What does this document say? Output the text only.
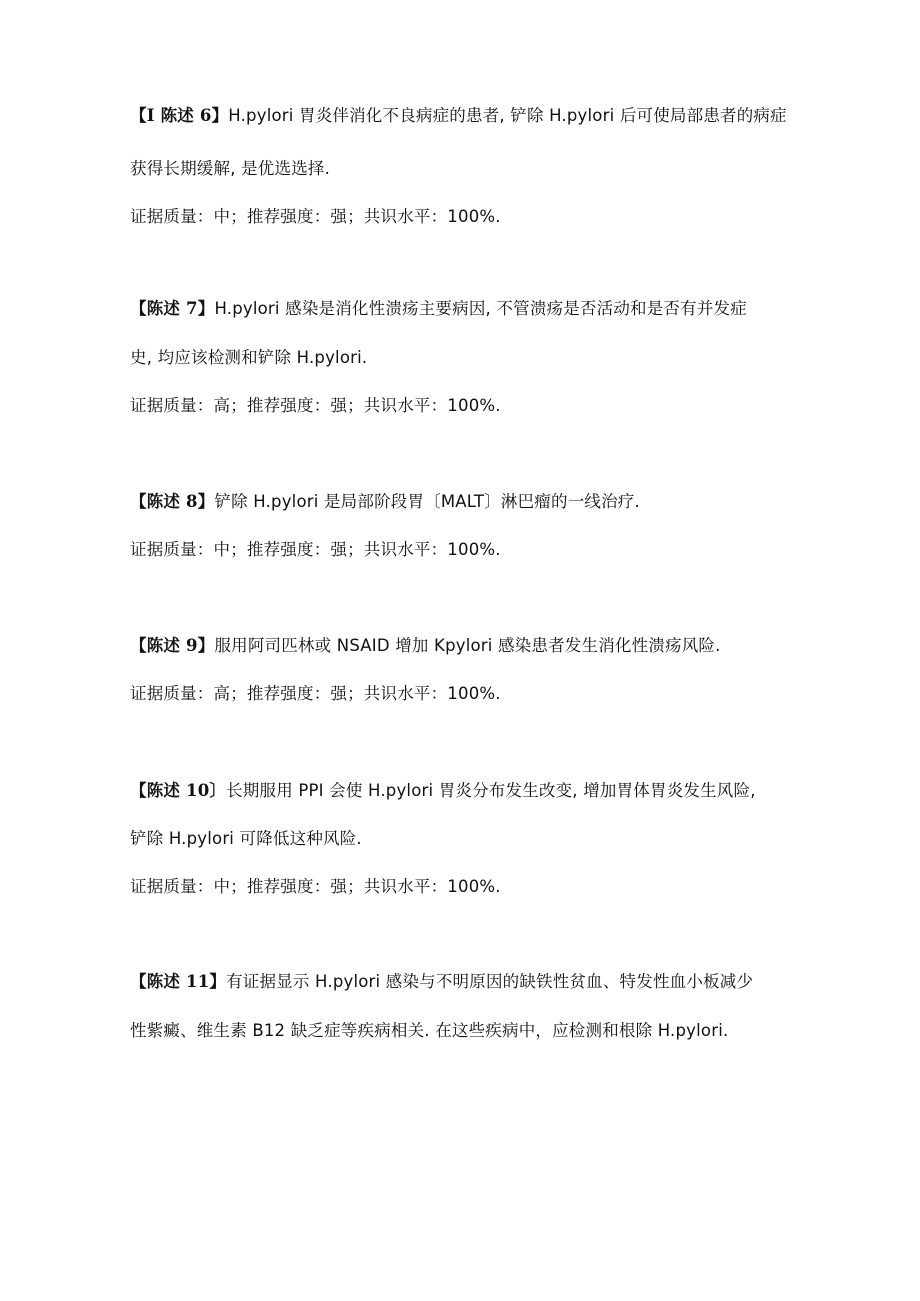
【I 陈述 6】H.pylori 胃炎伴消化不良病症的患者, 铲除 H.pylori 后可使局部患者的病症
获得长期缓解, 是优选选择.
证据质量：中；推荐强度：强；共识水平：100%.
【陈述 7】H.pylori 感染是消化性溃疡主要病因, 不管溃疡是否活动和是否有并发症
史, 均应该检测和铲除 H.pylori.
证据质量：高；推荐强度：强；共识水平：100%.
【陈述 8】铲除 H.pylori 是局部阶段胃〔MALT〕淋巴瘤的一线治疗.
证据质量：中；推荐强度：强；共识水平：100%.
【陈述 9】服用阿司匹林或 NSAID 增加 Kpylori 感染患者发生消化性溃疡风险.
证据质量：高；推荐强度：强；共识水平：100%.
【陈述 10〕长期服用 PPI 会使 H.pylori 胃炎分布发生改变, 增加胃体胃炎发生风险,
铲除 H.pylori 可降低这种风险.
证据质量：中；推荐强度：强；共识水平：100%.
【陈述 11】有证据显示 H.pylori 感染与不明原因的缺铁性贫血、特发性血小板减少
性紫癜、维生素 B12 缺乏症等疾病相关. 在这些疾病中，应检测和根除 H.pylori.
